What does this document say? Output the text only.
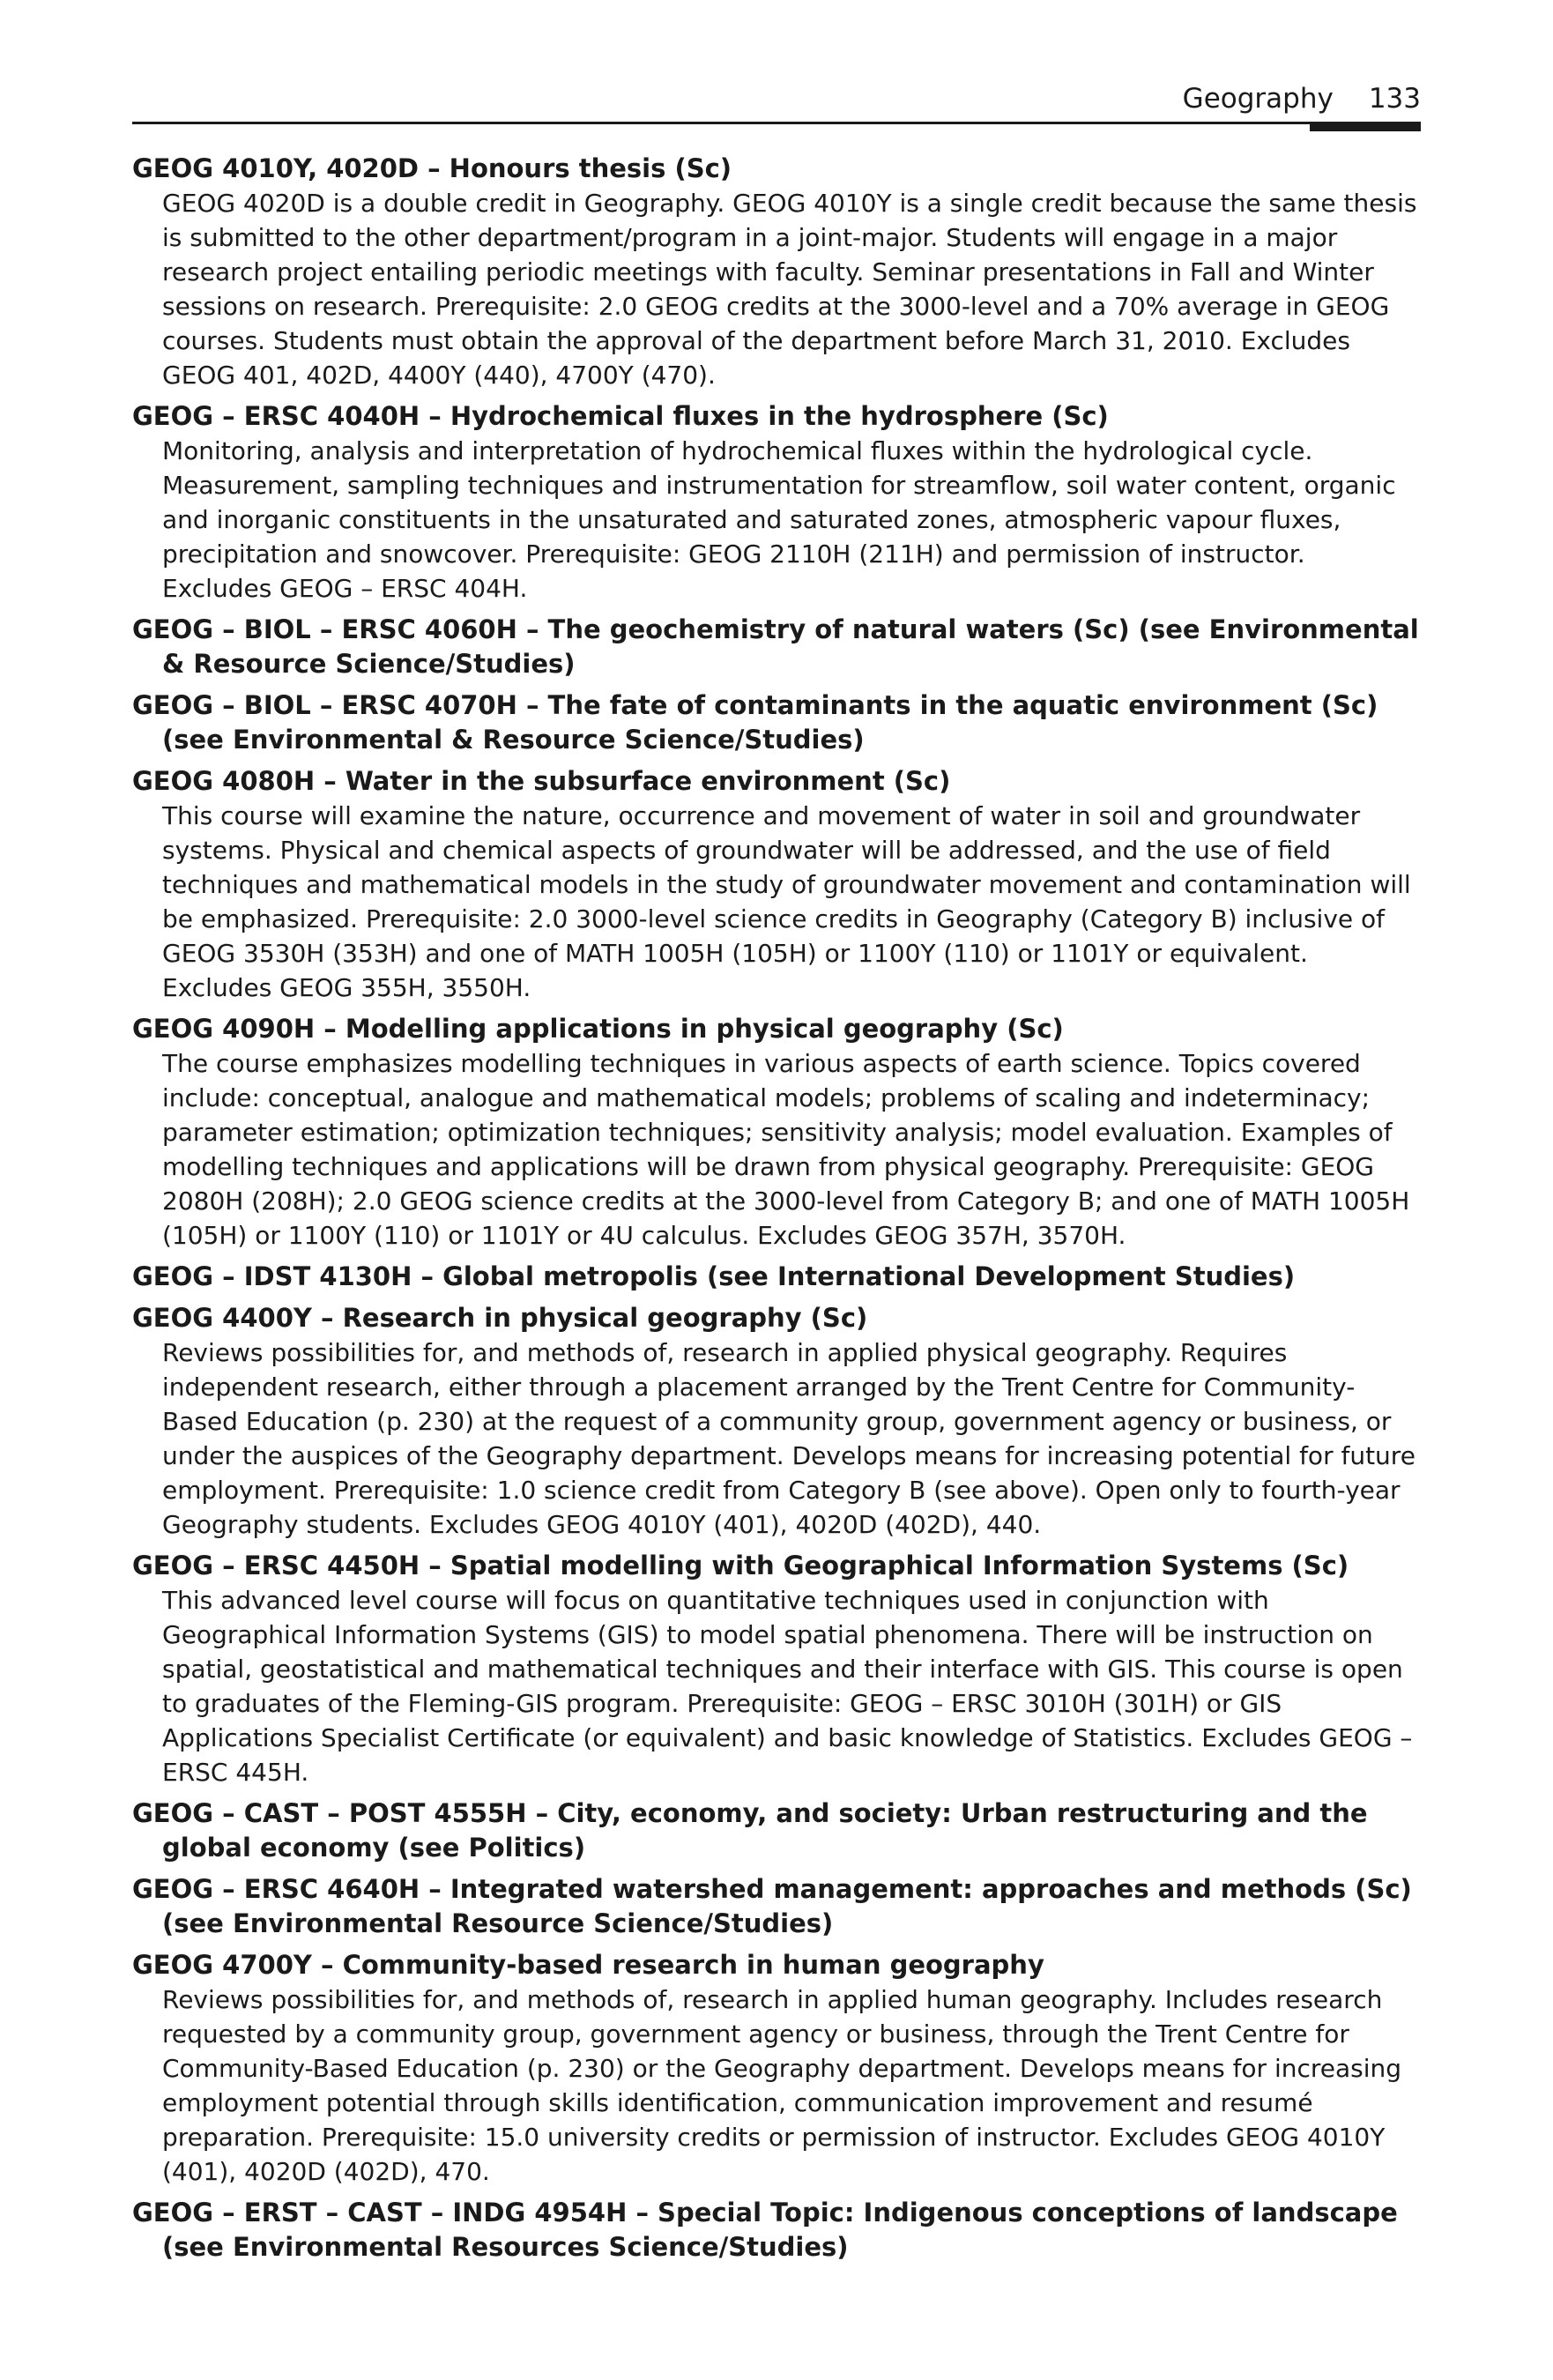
Geography 133
GEOG 4010Y, 4020D – Honours thesis (Sc)
GEOG 4020D is a double credit in Geography. GEOG 4010Y is a single credit because the same thesis is submitted to the other department/program in a joint-major. Students will engage in a major research project entailing periodic meetings with faculty. Seminar presentations in Fall and Winter sessions on research. Prerequisite: 2.0 GEOG credits at the 3000-level and a 70% average in GEOG courses. Students must obtain the approval of the department before March 31, 2010. Excludes GEOG 401, 402D, 4400Y (440), 4700Y (470).
GEOG – ERSC 4040H – Hydrochemical fluxes in the hydrosphere (Sc)
Monitoring, analysis and interpretation of hydrochemical fluxes within the hydrological cycle. Measurement, sampling techniques and instrumentation for streamflow, soil water content, organic and inorganic constituents in the unsaturated and saturated zones, atmospheric vapour fluxes, precipitation and snowcover. Prerequisite: GEOG 2110H (211H) and permission of instructor. Excludes GEOG – ERSC 404H.
GEOG – BIOL – ERSC 4060H – The geochemistry of natural waters (Sc) (see Environmental & Resource Science/Studies)
GEOG – BIOL – ERSC 4070H – The fate of contaminants in the aquatic environment (Sc) (see Environmental & Resource Science/Studies)
GEOG 4080H – Water in the subsurface environment (Sc)
This course will examine the nature, occurrence and movement of water in soil and groundwater systems. Physical and chemical aspects of groundwater will be addressed, and the use of field techniques and mathematical models in the study of groundwater movement and contamination will be emphasized. Prerequisite: 2.0 3000-level science credits in Geography (Category B) inclusive of GEOG 3530H (353H) and one of MATH 1005H (105H) or 1100Y (110) or 1101Y or equivalent. Excludes GEOG 355H, 3550H.
GEOG 4090H – Modelling applications in physical geography (Sc)
The course emphasizes modelling techniques in various aspects of earth science. Topics covered include: conceptual, analogue and mathematical models; problems of scaling and indeterminacy; parameter estimation; optimization techniques; sensitivity analysis; model evaluation. Examples of modelling techniques and applications will be drawn from physical geography. Prerequisite: GEOG 2080H (208H); 2.0 GEOG science credits at the 3000-level from Category B; and one of MATH 1005H (105H) or 1100Y (110) or 1101Y or 4U calculus. Excludes GEOG 357H, 3570H.
GEOG – IDST 4130H – Global metropolis (see International Development Studies)
GEOG 4400Y – Research in physical geography (Sc)
Reviews possibilities for, and methods of, research in applied physical geography. Requires independent research, either through a placement arranged by the Trent Centre for Community-Based Education (p. 230) at the request of a community group, government agency or business, or under the auspices of the Geography department. Develops means for increasing potential for future employment. Prerequisite: 1.0 science credit from Category B (see above). Open only to fourth-year Geography students. Excludes GEOG 4010Y (401), 4020D (402D), 440.
GEOG – ERSC 4450H – Spatial modelling with Geographical Information Systems (Sc)
This advanced level course will focus on quantitative techniques used in conjunction with Geographical Information Systems (GIS) to model spatial phenomena. There will be instruction on spatial, geostatistical and mathematical techniques and their interface with GIS. This course is open to graduates of the Fleming-GIS program. Prerequisite: GEOG – ERSC 3010H (301H) or GIS Applications Specialist Certificate (or equivalent) and basic knowledge of Statistics. Excludes GEOG – ERSC 445H.
GEOG – CAST – POST 4555H – City, economy, and society: Urban restructuring and the global economy (see Politics)
GEOG – ERSC 4640H – Integrated watershed management: approaches and methods (Sc) (see Environmental Resource Science/Studies)
GEOG 4700Y – Community-based research in human geography
Reviews possibilities for, and methods of, research in applied human geography. Includes research requested by a community group, government agency or business, through the Trent Centre for Community-Based Education (p. 230) or the Geography department. Develops means for increasing employment potential through skills identification, communication improvement and resumé preparation. Prerequisite: 15.0 university credits or permission of instructor. Excludes GEOG 4010Y (401), 4020D (402D), 470.
GEOG – ERST – CAST – INDG 4954H – Special Topic: Indigenous conceptions of landscape (see Environmental Resources Science/Studies)
